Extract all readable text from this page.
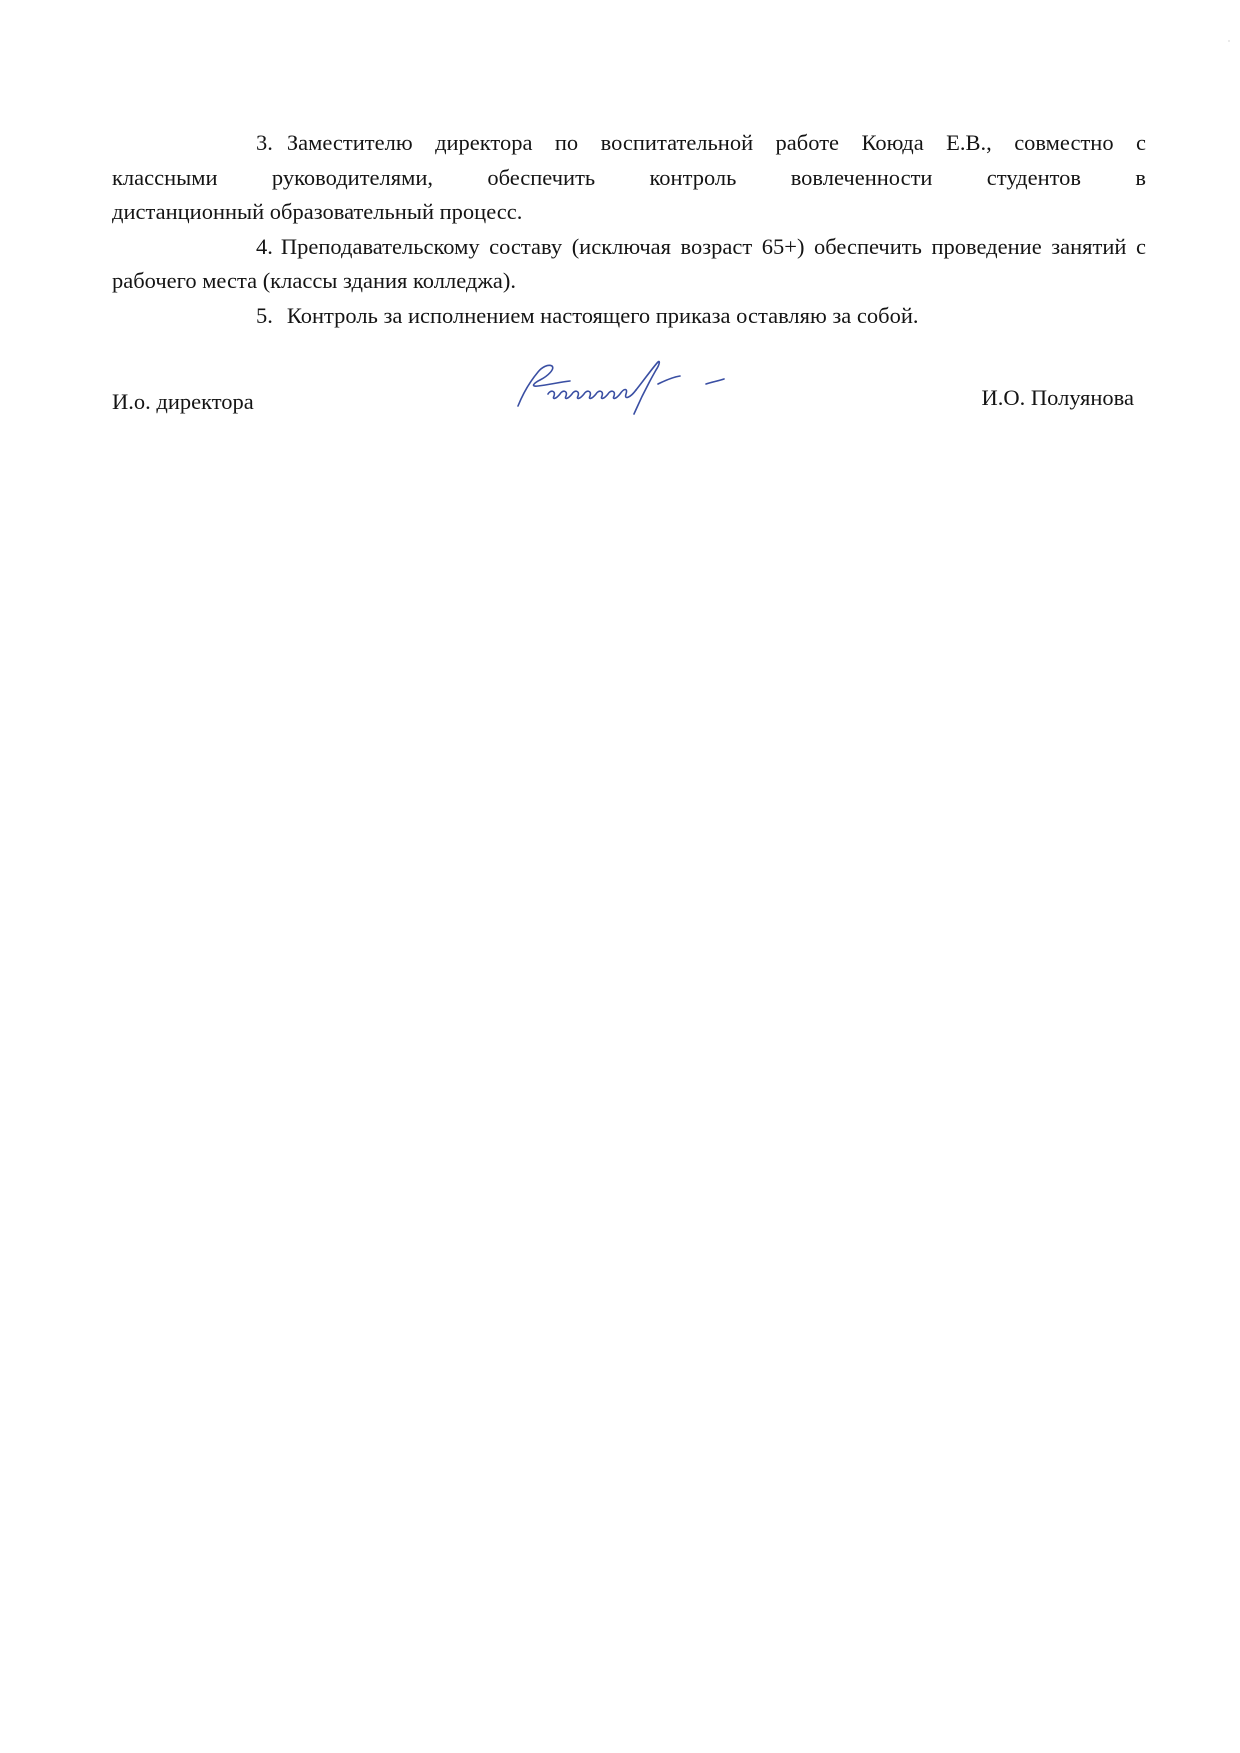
3. Заместителю директора по воспитательной работе Коюда Е.В., совместно с
классными руководителями, обеспечить контроль вовлеченности студентов в
дистанционный образовательный процесс.

4. Преподавательскому составу (исключая возраст 65+) обеспечить проведение занятий с рабочего места (классы здания колледжа).

5. Контроль за исполнением настоящего приказа оставляю за собой.

И.о. директора	И.О. Полуянова
